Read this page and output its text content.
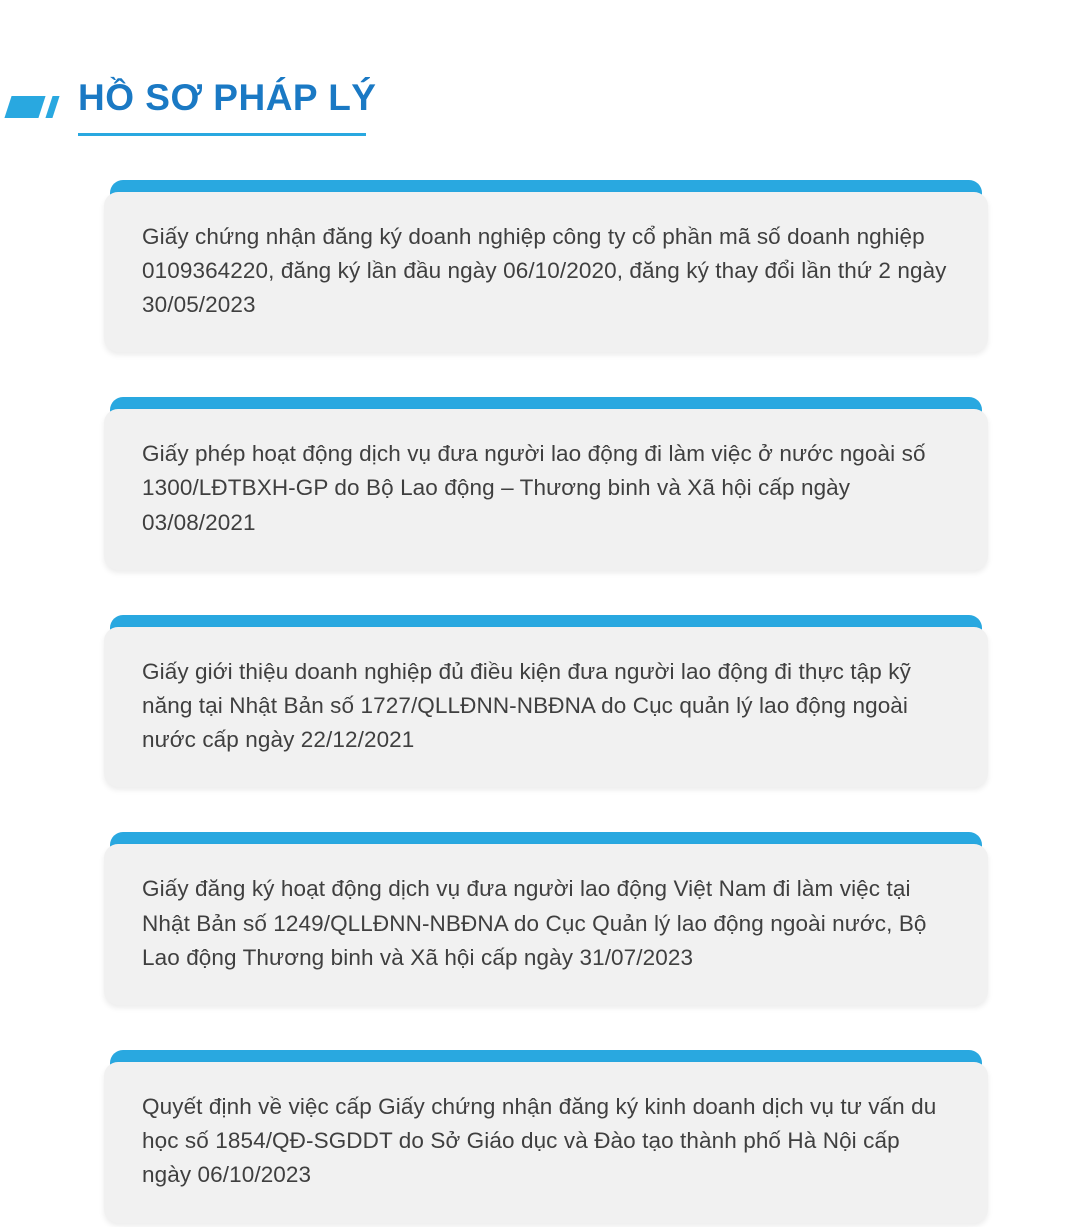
HỒ SƠ PHÁP LÝ
Giấy chứng nhận đăng ký doanh nghiệp công ty cổ phần mã số doanh nghiệp 0109364220, đăng ký lần đầu ngày 06/10/2020, đăng ký thay đổi lần thứ 2 ngày 30/05/2023
Giấy phép hoạt động dịch vụ đưa người lao động đi làm việc ở nước ngoài số 1300/LĐTBXH-GP do Bộ Lao động – Thương binh và Xã hội cấp ngày 03/08/2021
Giấy giới thiệu doanh nghiệp đủ điều kiện đưa người lao động đi thực tập kỹ năng tại Nhật Bản số 1727/QLLĐNN-NBĐNA do Cục quản lý lao động ngoài nước cấp ngày 22/12/2021
Giấy đăng ký hoạt động dịch vụ đưa người lao động Việt Nam đi làm việc tại Nhật Bản số 1249/QLLĐNN-NBĐNA do Cục Quản lý lao động ngoài nước, Bộ Lao động Thương binh và Xã hội cấp ngày 31/07/2023
Quyết định về việc cấp Giấy chứng nhận đăng ký kinh doanh dịch vụ tư vấn du học số 1854/QĐ-SGDDT do Sở Giáo dục và Đào tạo thành phố Hà Nội cấp ngày 06/10/2023
